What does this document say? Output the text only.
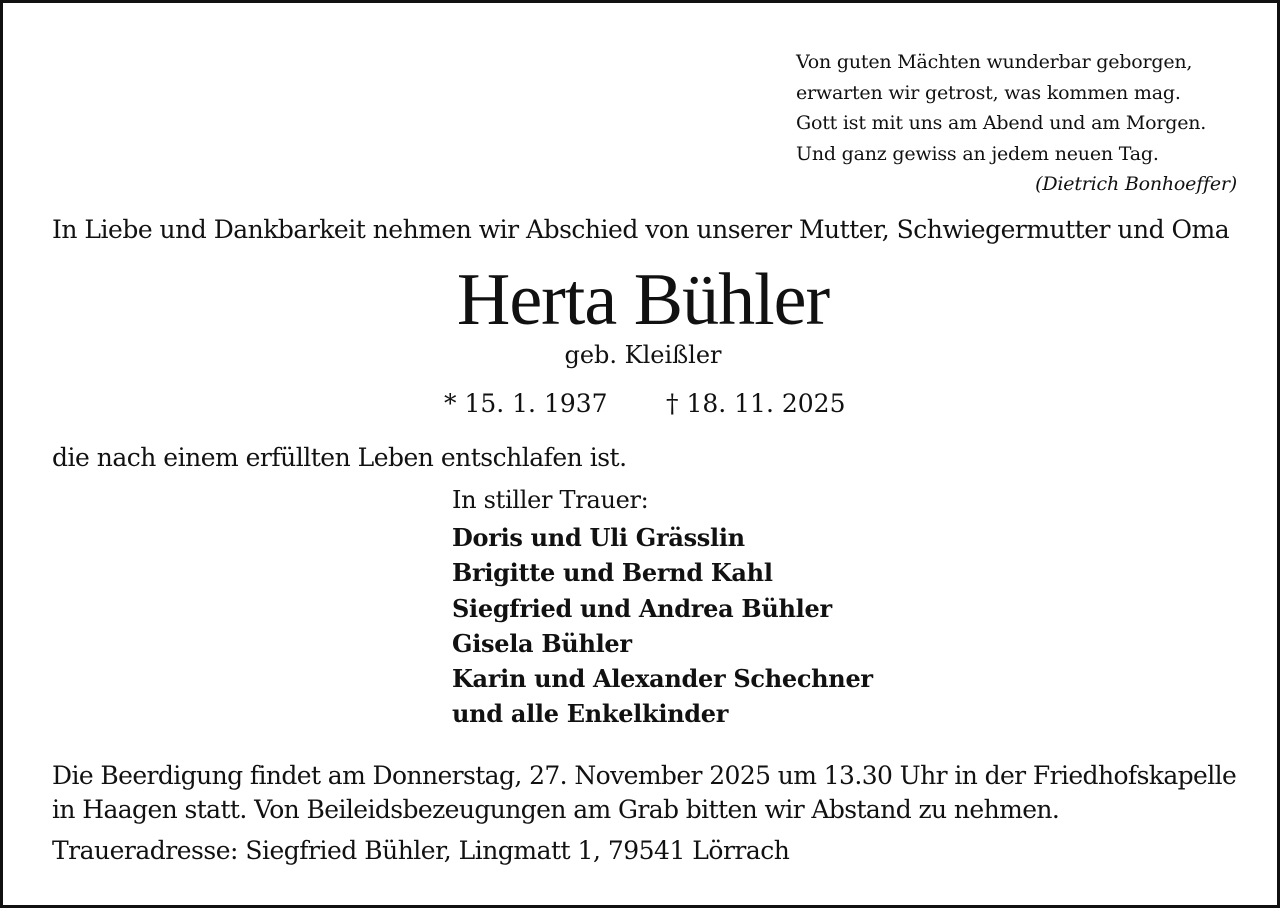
Von guten Mächten wunderbar geborgen,
erwarten wir getrost, was kommen mag.
Gott ist mit uns am Abend und am Morgen.
Und ganz gewiss an jedem neuen Tag.
(Dietrich Bonhoeffer)
In Liebe und Dankbarkeit nehmen wir Abschied von unserer Mutter, Schwiegermutter und Oma
Herta Bühler
geb. Kleißler
* 15. 1. 1937 † 18. 11. 2025
die nach einem erfüllten Leben entschlafen ist.
In stiller Trauer:
Doris und Uli Grässlin
Brigitte und Bernd Kahl
Siegfried und Andrea Bühler
Gisela Bühler
Karin und Alexander Schechner
und alle Enkelkinder
Die Beerdigung findet am Donnerstag, 27. November 2025 um 13.30 Uhr in der Friedhofskapelle
in Haagen statt. Von Beileidsbezeugungen am Grab bitten wir Abstand zu nehmen.
Traueradresse: Siegfried Bühler, Lingmatt 1, 79541 Lörrach
